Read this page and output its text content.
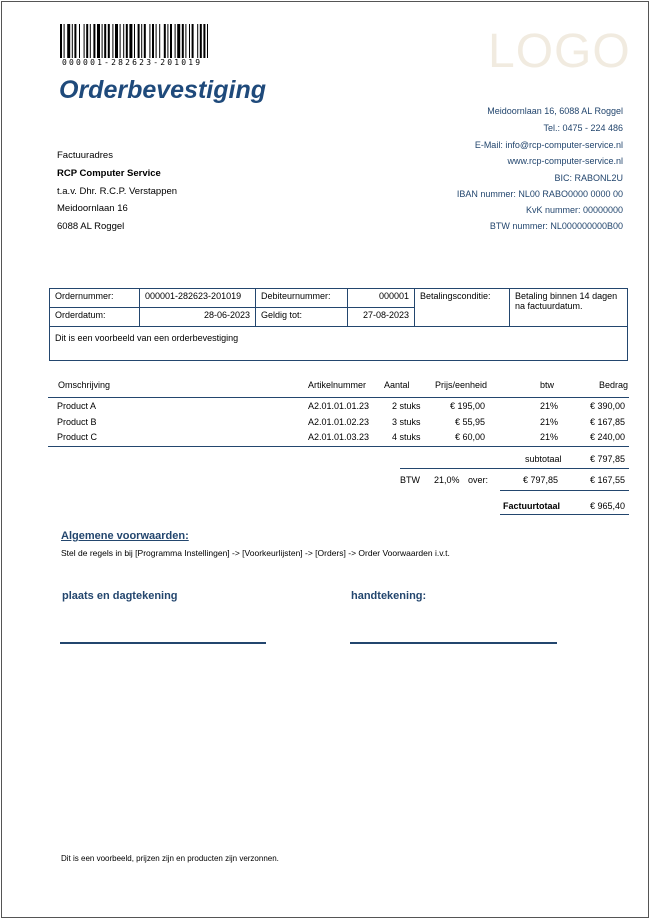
000001-282623-201019	LOGO
Orderbevestiging
Meidoornlaan 16, 6088 AL Roggel
Tel.: 0475 - 224 486
E-Mail: info@rcp-computer-service.nl
www.rcp-computer-service.nl
BIC: RABONL2U
IBAN nummer: NL00 RABO0000 0000 00
KvK nummer: 00000000
BTW nummer: NL000000000B00
Factuuradres
RCP Computer Service
t.a.v. Dhr. R.C.P. Verstappen
Meidoornlaan 16
6088 AL Roggel
Ordernummer:	000001-282623-201019	Debiteurnummer:	000001	Betalingsconditie:	Betaling binnen 14 dagen na factuurdatum.
Orderdatum:	28-06-2023	Geldig tot:	27-08-2023		
Dit is een voorbeeld van een orderbevestiging					
Omschrijving	Artikelnummer Aantal	Prijs/eenheid	btw	Bedrag
Product A	A2.01.01.01.23	2 stuks	€ 195,00	21%	€ 390,00
Product B	A2.01.01.02.23	3 stuks	€ 55,95	21%	€ 167,85
Product C	A2.01.01.03.23	4 stuks	€ 60,00	21%	€ 240,00
subtotaal	€ 797,85
BTW 21,0% over:	€ 797,85	€ 167,55
Factuurtotaal	€ 965,40
Algemene voorwaarden:
Stel de regels in bij [Programma Instellingen] -> [Voorkeurlijsten] -> [Orders] -> Order Voorwaarden i.v.t.
plaats en dagtekening	handtekening:
Dit is een voorbeeld, prijzen zijn en producten zijn verzonnen.
